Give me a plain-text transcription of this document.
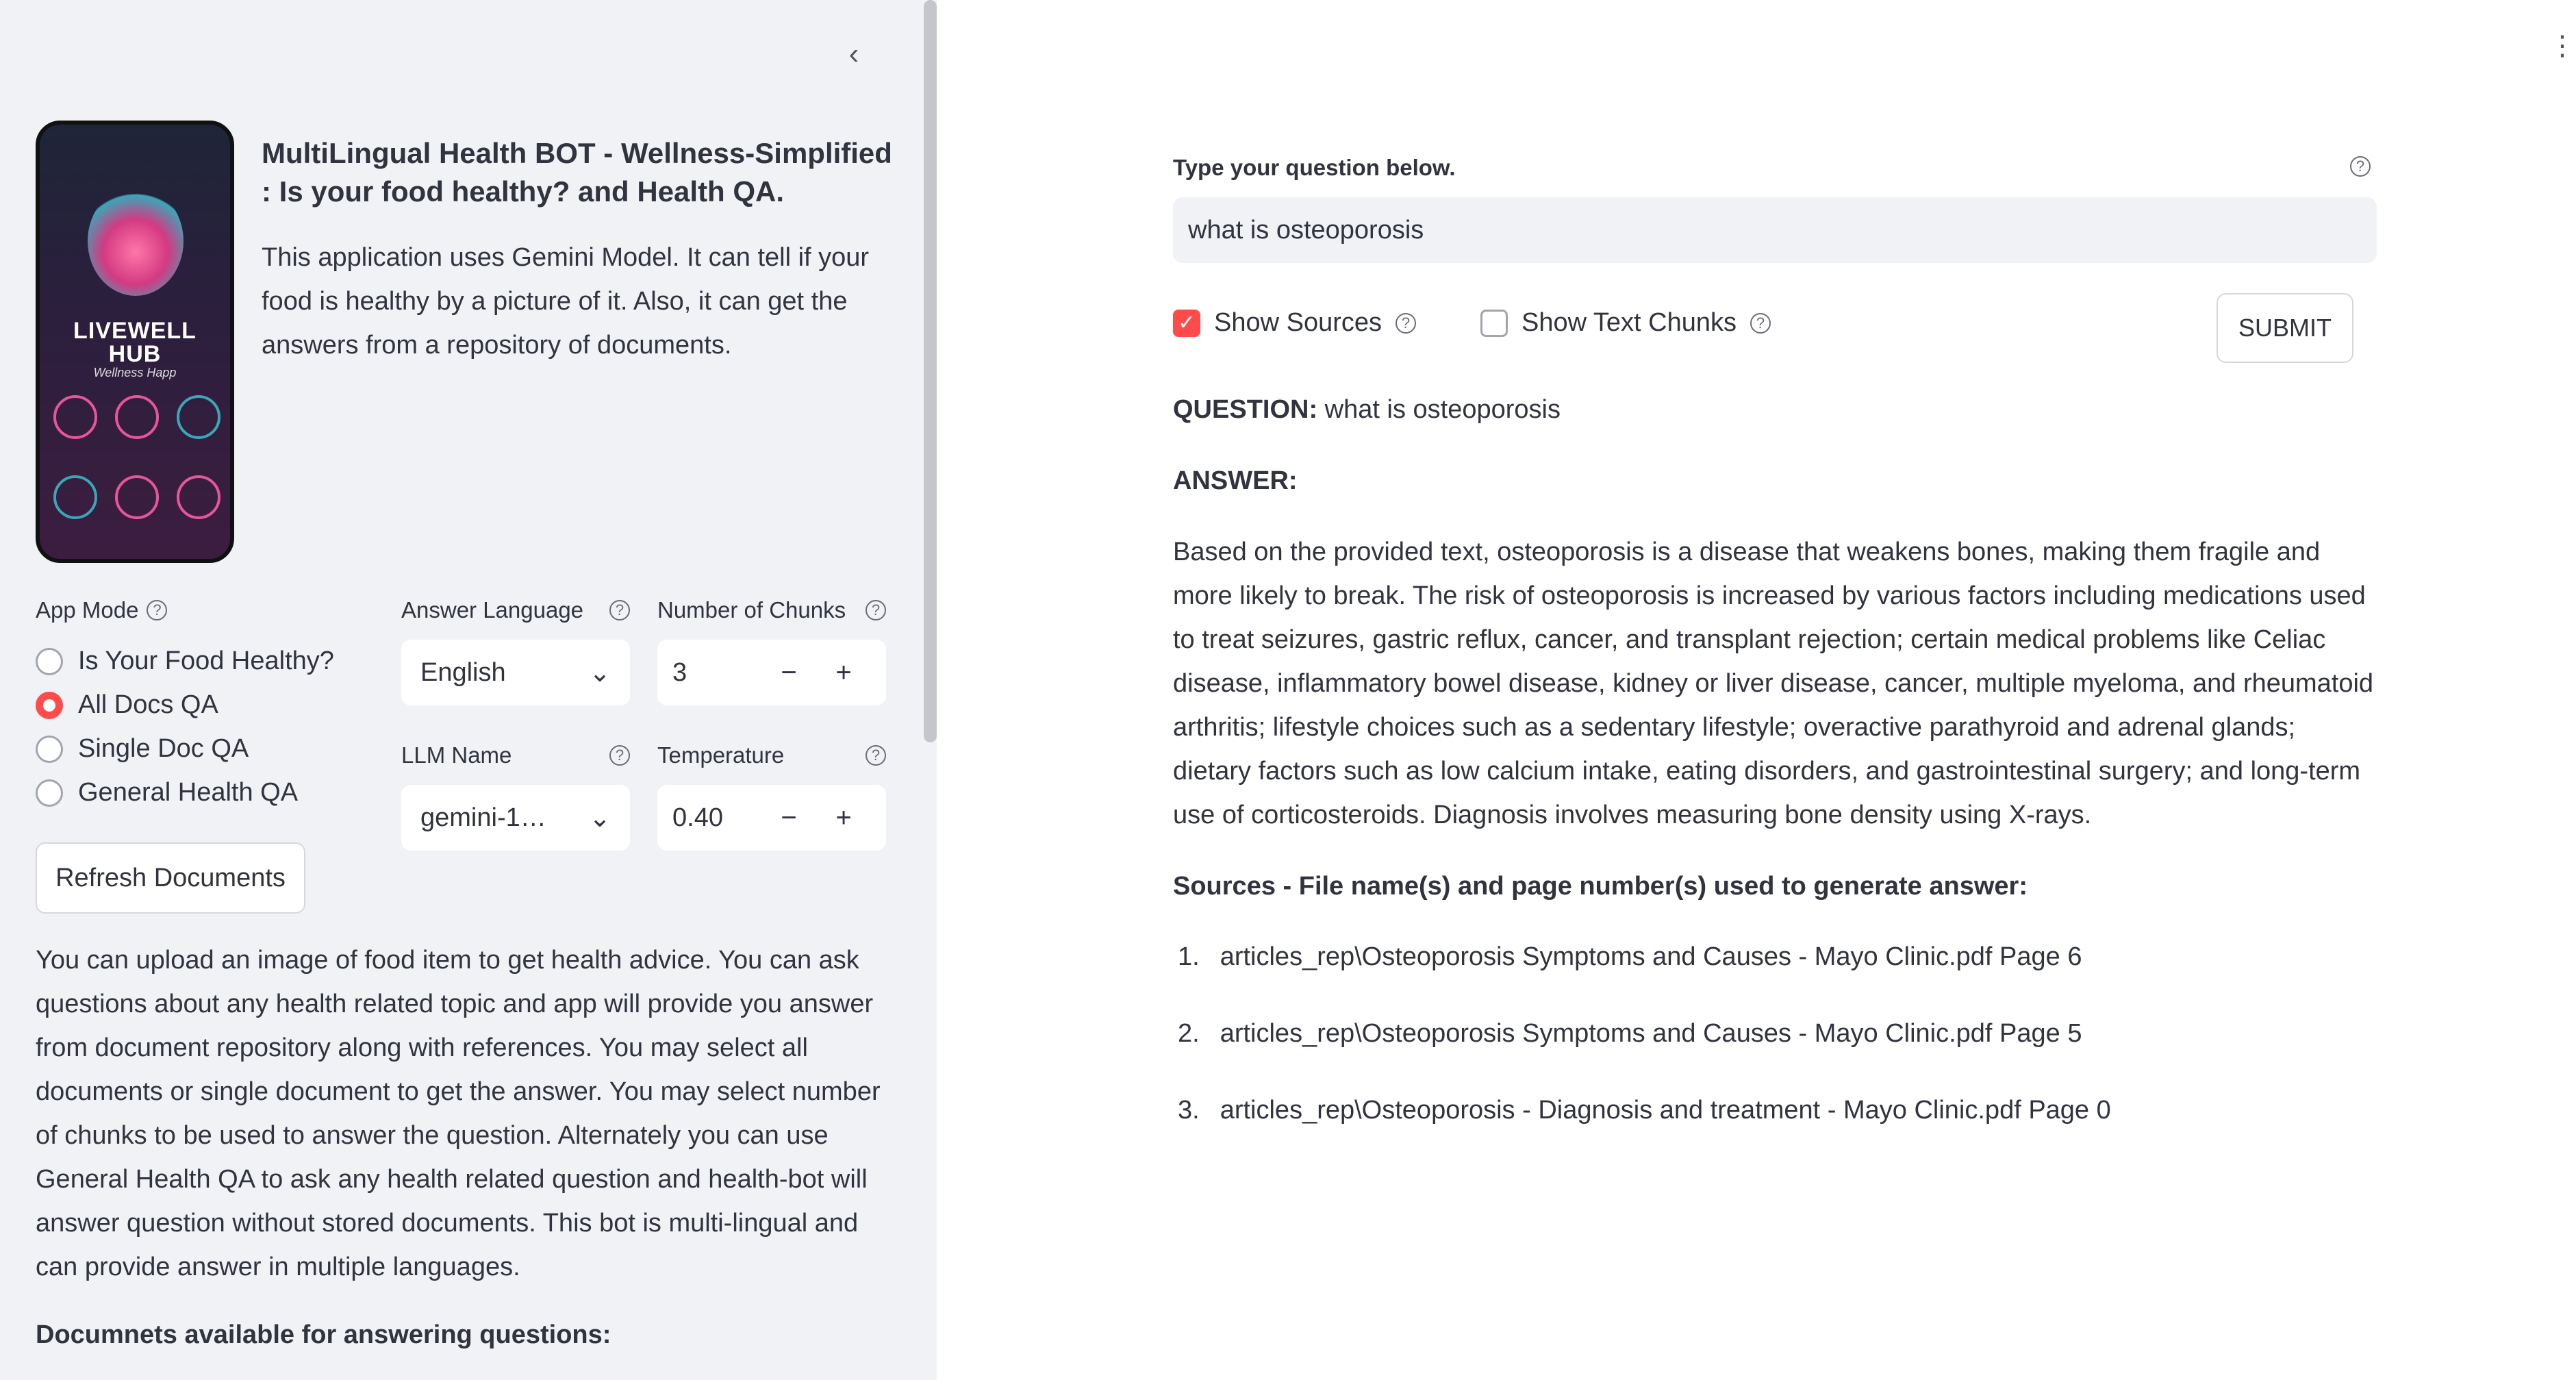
‹
LIVEWELL
HUB
Wellness Happ
MultiLingual Health BOT - Wellness-Simplified : Is your food healthy? and Health QA.
This application uses Gemini Model. It can tell if your food is healthy by a picture of it. Also, it can get the answers from a repository of documents.
App Mode ?
Is Your Food Healthy?
All Docs QA
Single Doc QA
General Health QA
Answer Language	?
English	⌄
Number of Chunks	?
3	−	+
LLM Name	?
gemini-1… ⌄
Temperature	?
0.40	−	+
Refresh Documents
You can upload an image of food item to get health advice. You can ask questions about any health related topic and app will provide you answer from document repository along with references. You may select all documents or single document to get the answer. You may select number of chunks to be used to answer the question. Alternately you can use General Health QA to ask any health related question and health-bot will answer question without stored documents. This bot is multi-lingual and can provide answer in multiple languages.
Documnets available for answering questions:
⋮
Type your question below.	?
what is osteoporosis
✓ Show Sources	?	Show Text Chunks	?	SUBMIT
QUESTION: what is osteoporosis
ANSWER:
Based on the provided text, osteoporosis is a disease that weakens bones, making them fragile and more likely to break. The risk of osteoporosis is increased by various factors including medications used to treat seizures, gastric reflux, cancer, and transplant rejection; certain medical problems like Celiac disease, inflammatory bowel disease, kidney or liver disease, cancer, multiple myeloma, and rheumatoid arthritis; lifestyle choices such as a sedentary lifestyle; overactive parathyroid and adrenal glands; dietary factors such as low calcium intake, eating disorders, and gastrointestinal surgery; and long-term use of corticosteroids. Diagnosis involves measuring bone density using X-rays.
Sources - File name(s) and page number(s) used to generate answer:
1. articles_rep\Osteoporosis Symptoms and Causes - Mayo Clinic.pdf Page 6
2. articles_rep\Osteoporosis Symptoms and Causes - Mayo Clinic.pdf Page 5
3. articles_rep\Osteoporosis - Diagnosis and treatment - Mayo Clinic.pdf Page 0
